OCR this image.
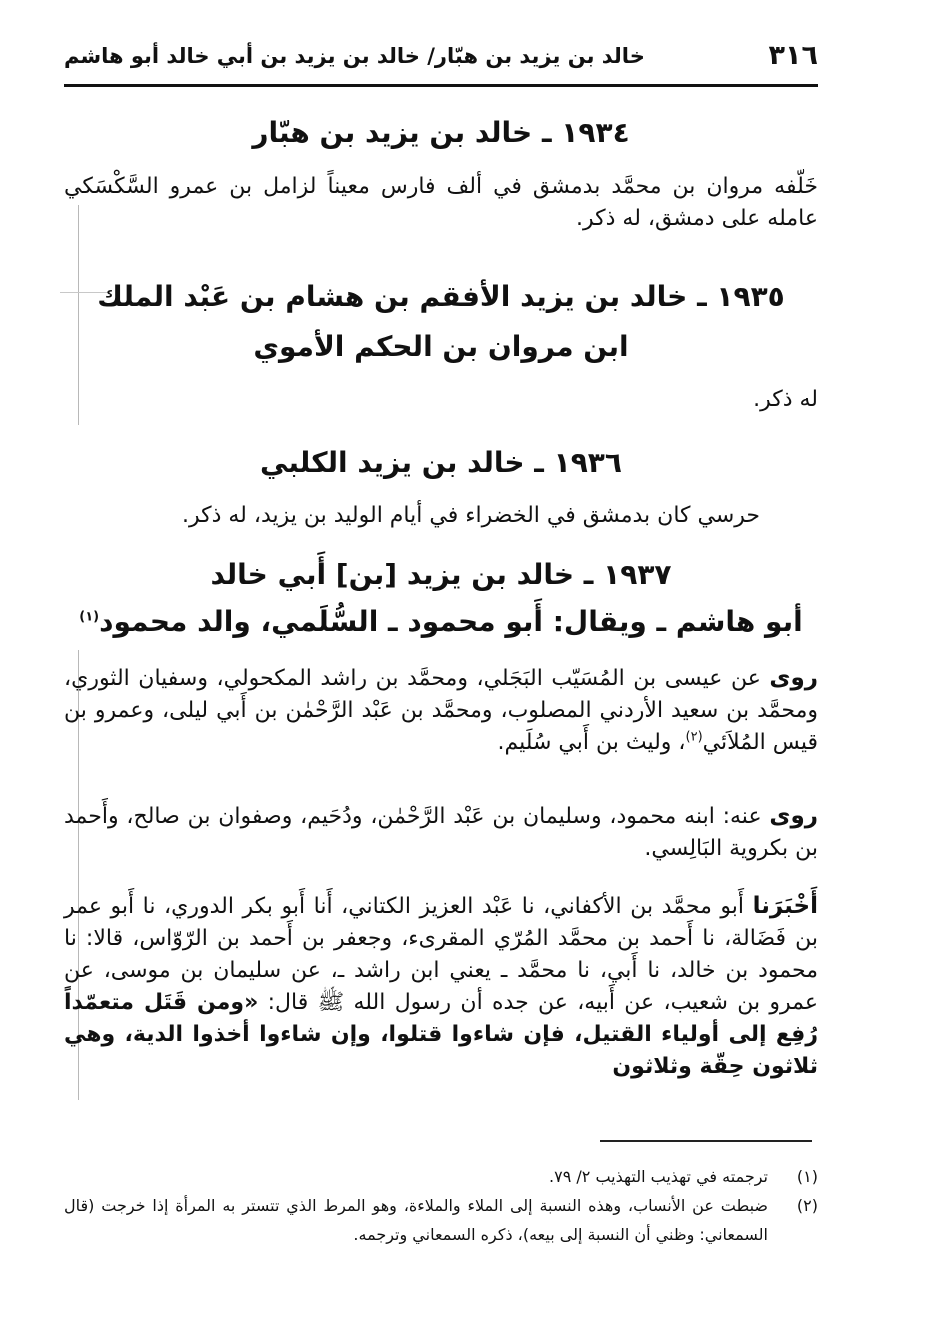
٣١٦
خالد بن يزيد بن هبّار/ خالد بن يزيد بن أبي خالد أبو هاشم
١٩٣٤ ـ خالد بن يزيد بن هبّار
خَلّفه مروان بن محمَّد بدمشق في ألف فارس معيناً لزامل بن عمرو السَّكْسَكي عامله على دمشق، له ذكر.
١٩٣٥ ـ خالد بن يزيد الأفقم بن هشام بن عَبْد الملك
ابن مروان بن الحكم الأموي
له ذكر.
١٩٣٦ ـ خالد بن يزيد الكلبي
حرسي كان بدمشق في الخضراء في أيام الوليد بن يزيد، له ذكر.
١٩٣٧ ـ خالد بن يزيد [بن] أَبي خالد
أبو هاشم ـ ويقال: أَبو محمود ـ السُّلَمي، والد محمود$^{(١)}$
روى عن عيسى بن المُسَيّب البَجَلي، ومحمَّد بن راشد المكحولي، وسفيان الثوري، ومحمَّد بن سعيد الأردني المصلوب، ومحمَّد بن عَبْد الرَّحْمٰن بن أَبي ليلى، وعمرو بن قيس المُلاَئي$^{(٢)}$، وليث بن أَبي سُلَيم.
روى عنه: ابنه محمود، وسليمان بن عَبْد الرَّحْمٰن، ودُحَيم، وصفوان بن صالح، وأَحمد بن بكروية البَالِسي.
أَخْبَرَنا أَبو محمَّد بن الأكفاني، نا عَبْد العزيز الكتاني، أَنا أَبو بكر الدوري، نا أَبو عمر بن فَضَالة، نا أَحمد بن محمَّد المُرّي المقرىء، وجعفر بن أَحمد بن الرّوّاس، قالا: نا محمود بن خالد، نا أَبي، نا محمَّد ـ يعني ابن راشد ـ، عن سليمان بن موسى، عن عمرو بن شعيب، عن أَبيه، عن جده أن رسول الله ﷺ قال: «ومن قَتَل متعمّداً رُفِع إلى أولياء القتيل، فإن شاءوا قتلوا، وإن شاءوا أخذوا الدية، وهي ثلاثون حِقّة وثلاثون
(١)
ترجمته في تهذيب التهذيب ٢/ ٧٩.
(٢)
ضبطت عن الأنساب، وهذه النسبة إلى الملاء والملاءة، وهو المرط الذي تتستر به المرأة إذا خرجت (قال السمعاني: وظني أن النسبة إلى بيعه)، ذكره السمعاني وترجمه.
